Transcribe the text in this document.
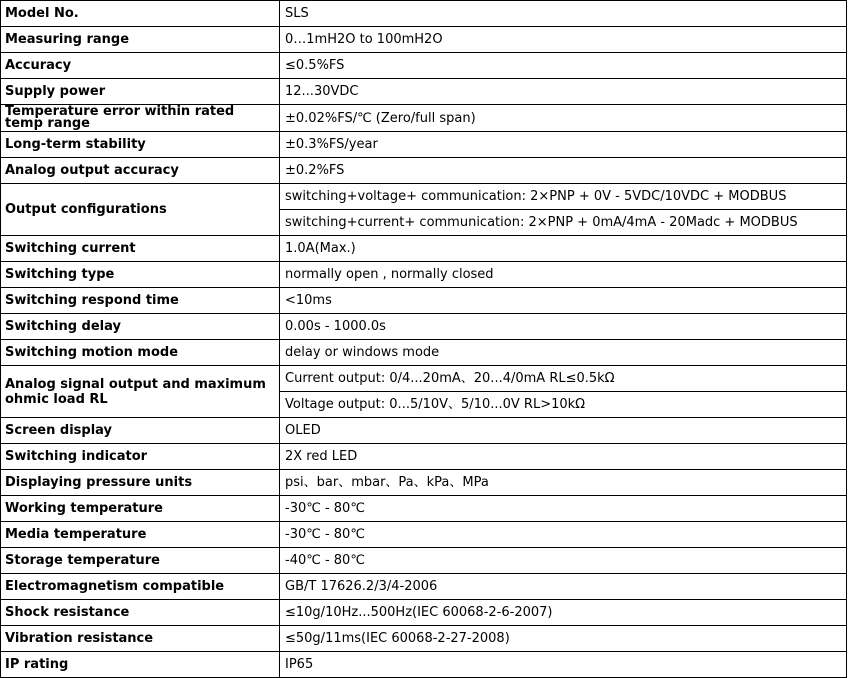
Model No.	SLS
Measuring range	0…1mH2O to 100mH2O
Accuracy	≤0.5%FS
Supply power	12...30VDC

Temperature error within rated temp range	±0.02%FS/℃ (Zero/full span)
Long-term stability	±0.3%FS/year
Analog output accuracy	±0.2%FS
Output configurations	switching+voltage+ communication: 2×PNP + 0V - 5VDC/10VDC + MODBUS
	switching+current+ communication: 2×PNP + 0mA/4mA - 20Madc + MODBUS
Switching current	1.0A(Max.)
Switching type	normally open , normally closed
Switching respond time	<10ms
Switching delay	0.00s - 1000.0s
Switching motion mode	delay or windows mode
Analog signal output and maximum ohmic load RL	Current output: 0/4...20mA、20...4/0mA RL≤0.5kΩ
	Voltage output: 0...5/10V、5/10...0V RL>10kΩ
Screen display	OLED
Switching indicator	2X red LED
Displaying pressure units	psi、bar、mbar、Pa、kPa、MPa
Working temperature	-30℃ - 80℃
Media temperature	-30℃ - 80℃
Storage temperature	-40℃ - 80℃
Electromagnetism compatible	GB/T 17626.2/3/4-2006
Shock resistance	≤10g/10Hz...500Hz(IEC 60068-2-6-2007)
Vibration resistance	≤50g/11ms(IEC 60068-2-27-2008)
IP rating	IP65
